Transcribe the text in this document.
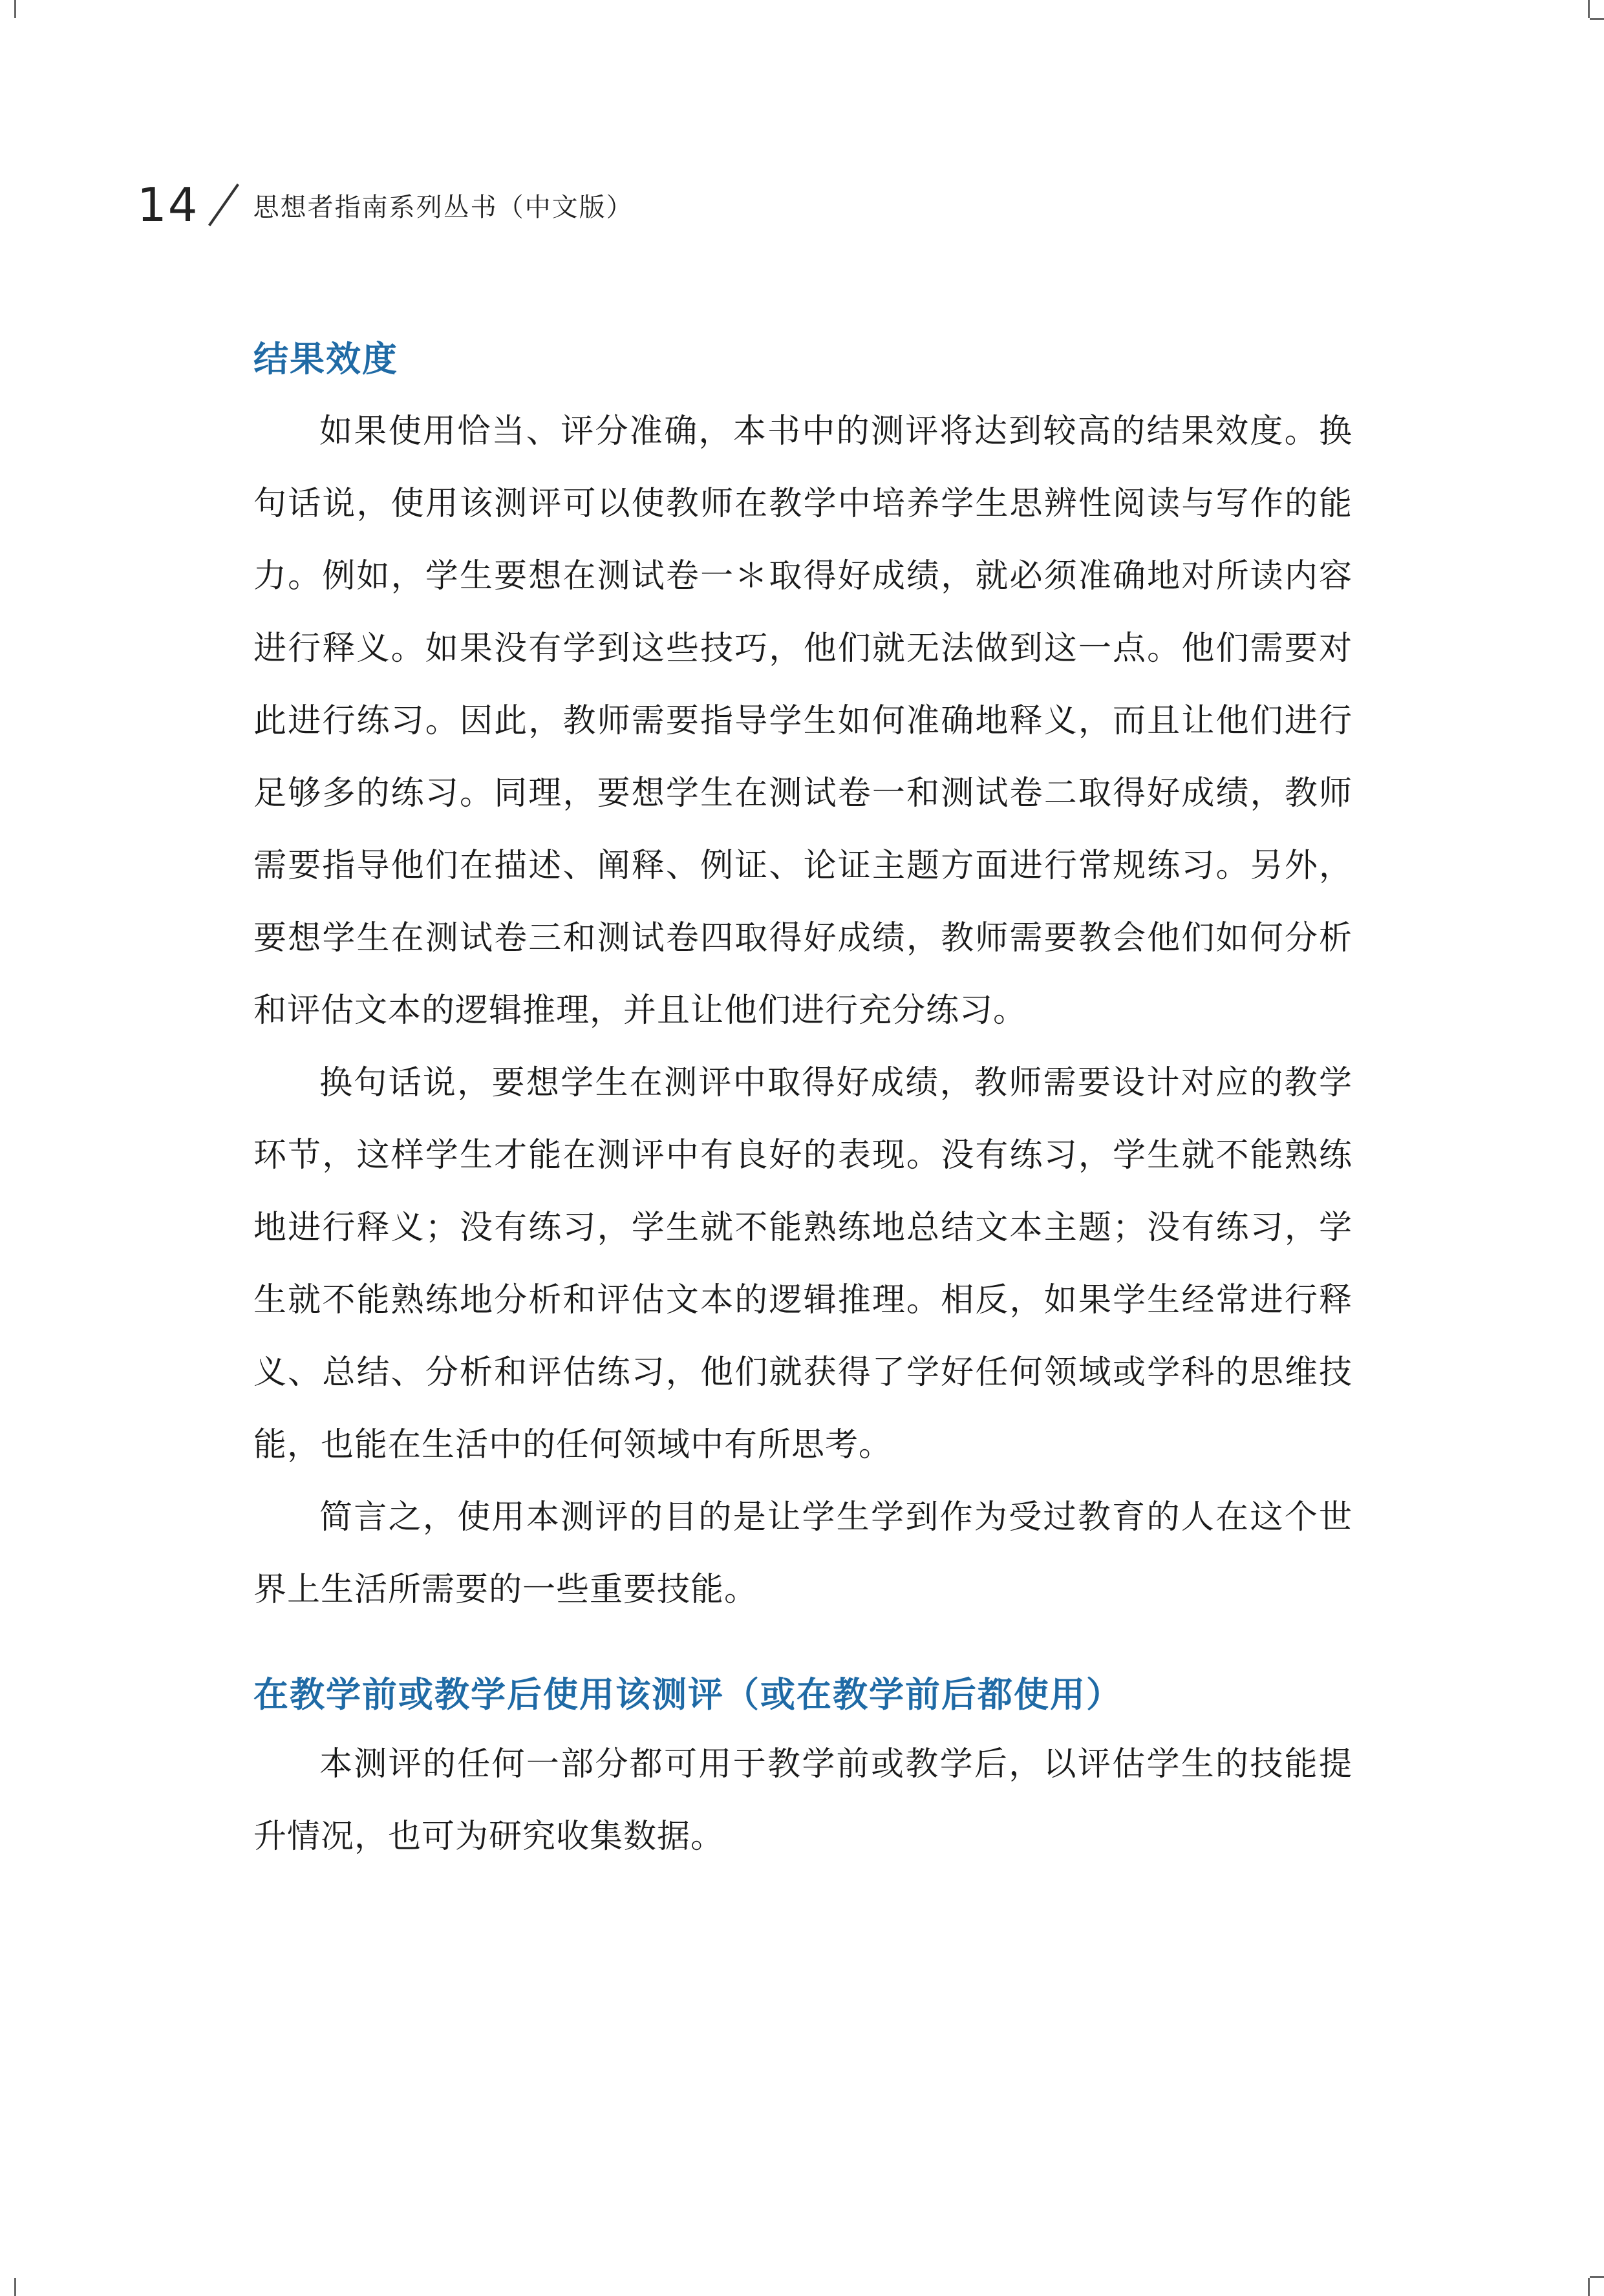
14 思想者指南系列丛书（中文版）
结果效度

如果使用恰当、评分准确，本书中的测评将达到较高的结果效度。换句话说，使用该测评可以使教师在教学中培养学生思辨性阅读与写作的能力。例如，学生要想在测试卷一＊取得好成绩，就必须准确地对所读内容进行释义。如果没有学到这些技巧，他们就无法做到这一点。他们需要对此进行练习。因此，教师需要指导学生如何准确地释义，而且让他们进行足够多的练习。同理，要想学生在测试卷一和测试卷二取得好成绩，教师需要指导他们在描述、阐释、例证、论证主题方面进行常规练习。另外，要想学生在测试卷三和测试卷四取得好成绩，教师需要教会他们如何分析和评估文本的逻辑推理，并且让他们进行充分练习。

换句话说，要想学生在测评中取得好成绩，教师需要设计对应的教学环节，这样学生才能在测评中有良好的表现。没有练习，学生就不能熟练地进行释义；没有练习，学生就不能熟练地总结文本主题；没有练习，学生就不能熟练地分析和评估文本的逻辑推理。相反，如果学生经常进行释义、总结、分析和评估练习，他们就获得了学好任何领域或学科的思维技能，也能在生活中的任何领域中有所思考。

简言之，使用本测评的目的是让学生学到作为受过教育的人在这个世界上生活所需要的一些重要技能。

在教学前或教学后使用该测评（或在教学前后都使用）

本测评的任何一部分都可用于教学前或教学后，以评估学生的技能提升情况，也可为研究收集数据。
